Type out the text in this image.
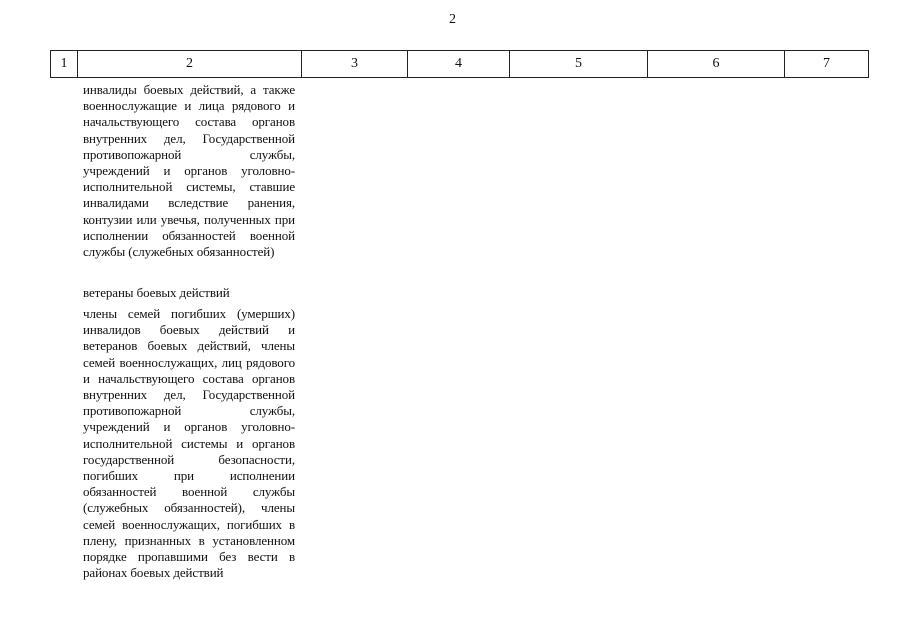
2
1	2	3	4	5	6	7
инвалиды боевых действий, а также военнослужащие и лица рядового и начальствующего состава органов внутренних дел, Государственной противопожарной службы, учреждений и органов уголовно-исполнительной системы, ставшие инвалидами вследствие ранения, контузии или увечья, полученных при исполнении обязанностей военной службы (служебных обязанностей)
ветераны боевых действий
члены семей погибших (умерших) инвалидов боевых действий и ветеранов боевых действий, члены семей военнослужащих, лиц рядового и начальствующего состава органов внутренних дел, Государственной противопожарной службы, учреждений и органов уголовно-исполнительной системы и органов государственной безопасности, погибших при исполнении обязанностей военной службы (служебных обязанностей), члены семей военнослужащих, погибших в плену, признанных в установленном порядке пропавшими без вести в районах боевых действий
